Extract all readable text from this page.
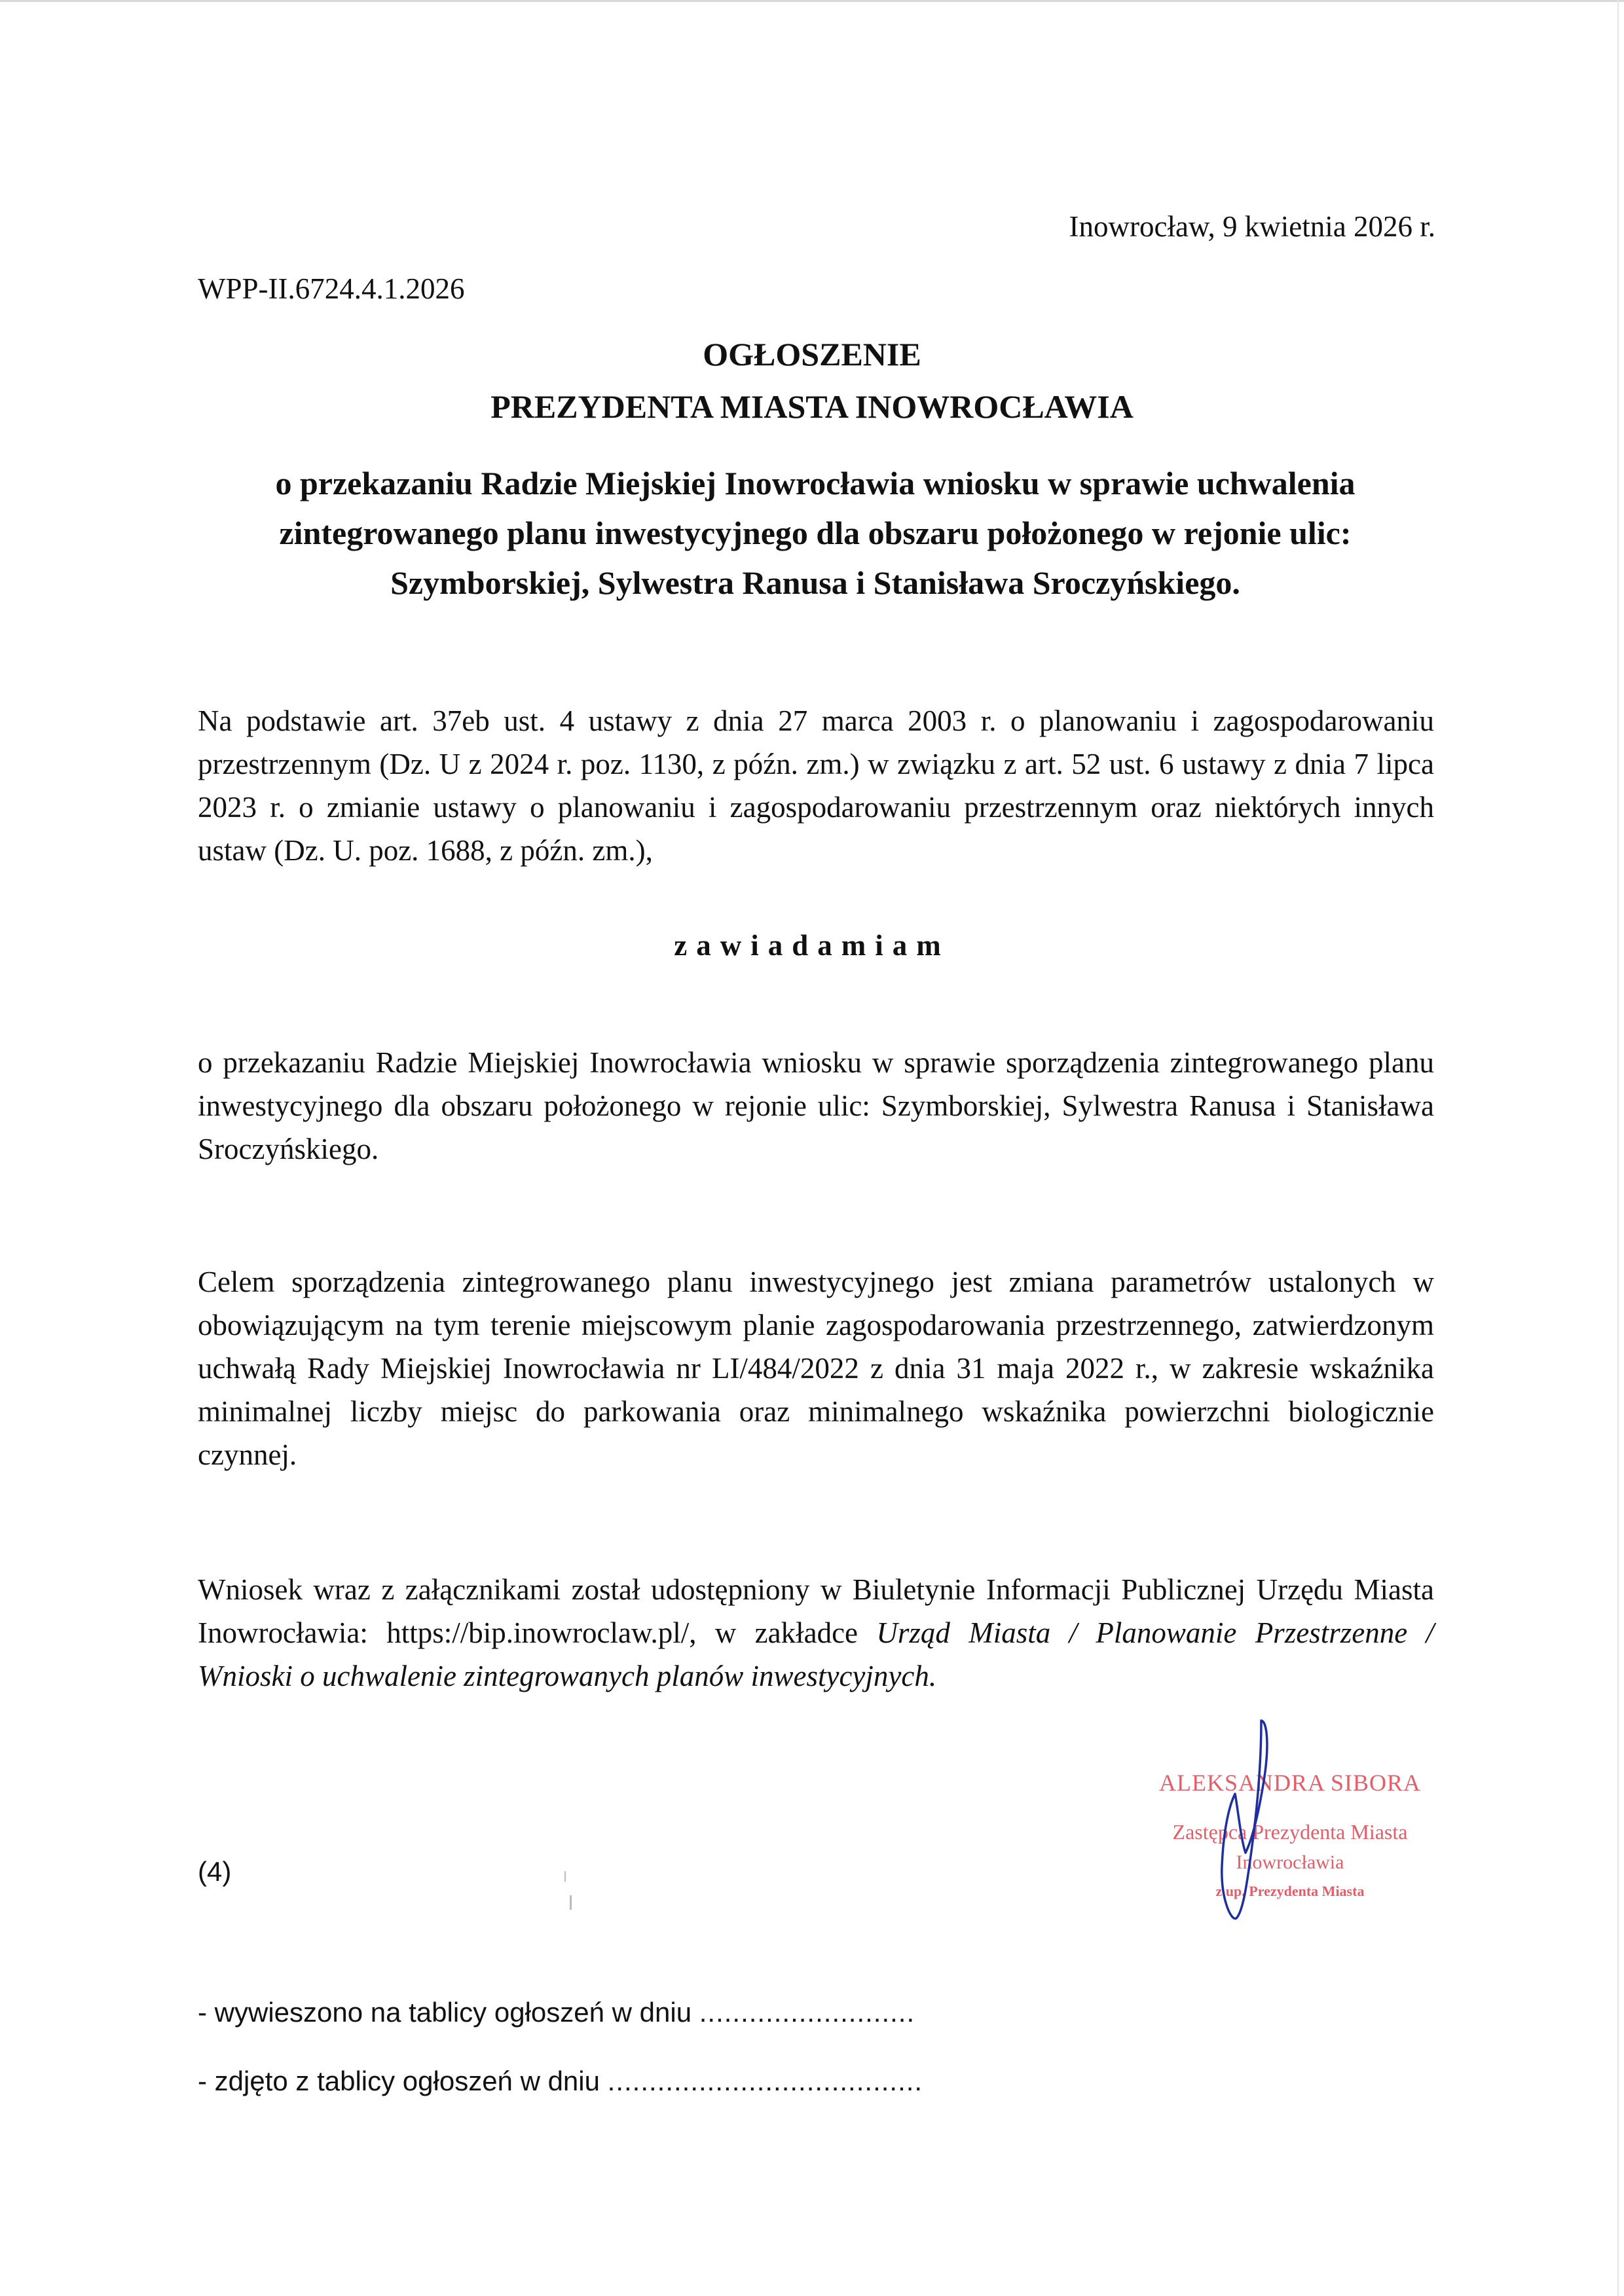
Inowrocław, 9 kwietnia 2026 r.
WPP-II.6724.4.1.2026
OGŁOSZENIE
PREZYDENTA MIASTA INOWROCŁAWIA
o przekazaniu Radzie Miejskiej Inowrocławia wniosku w sprawie uchwalenia zintegrowanego planu inwestycyjnego dla obszaru położonego w rejonie ulic: Szymborskiej, Sylwestra Ranusa i Stanisława Sroczyńskiego.
Na podstawie art. 37eb ust. 4 ustawy z dnia 27 marca 2003 r. o planowaniu i zagospodarowaniu przestrzennym (Dz. U z 2024 r. poz. 1130, z późn. zm.) w związku z art. 52 ust. 6 ustawy z dnia 7 lipca 2023 r. o zmianie ustawy o planowaniu i zagospodarowaniu przestrzennym oraz niektórych innych ustaw (Dz. U. poz. 1688, z późn. zm.),
zawiadamiam
o przekazaniu Radzie Miejskiej Inowrocławia wniosku w sprawie sporządzenia zintegrowanego planu inwestycyjnego dla obszaru położonego w rejonie ulic: Szymborskiej, Sylwestra Ranusa i Stanisława Sroczyńskiego.
Celem sporządzenia zintegrowanego planu inwestycyjnego jest zmiana parametrów ustalonych w obowiązującym na tym terenie miejscowym planie zagospodarowania przestrzennego, zatwierdzonym uchwałą Rady Miejskiej Inowrocławia nr LI/484/2022 z dnia 31 maja 2022 r., w zakresie wskaźnika minimalnej liczby miejsc do parkowania oraz minimalnego wskaźnika powierzchni biologicznie czynnej.
Wniosek wraz z załącznikami został udostępniony w Biuletynie Informacji Publicznej Urzędu Miasta Inowrocławia: https://bip.inowroclaw.pl/, w zakładce Urząd Miasta / Planowanie Przestrzenne / Wnioski o uchwalenie zintegrowanych planów inwestycyjnych.
ALEKSANDRA SIBORA
Zastępca Prezydenta Miasta
Inowrocławia
z up. Prezydenta Miasta
(4)
- wywieszono na tablicy ogłoszeń w dniu ..........................
- zdjęto z tablicy ogłoszeń w dniu ......................................
